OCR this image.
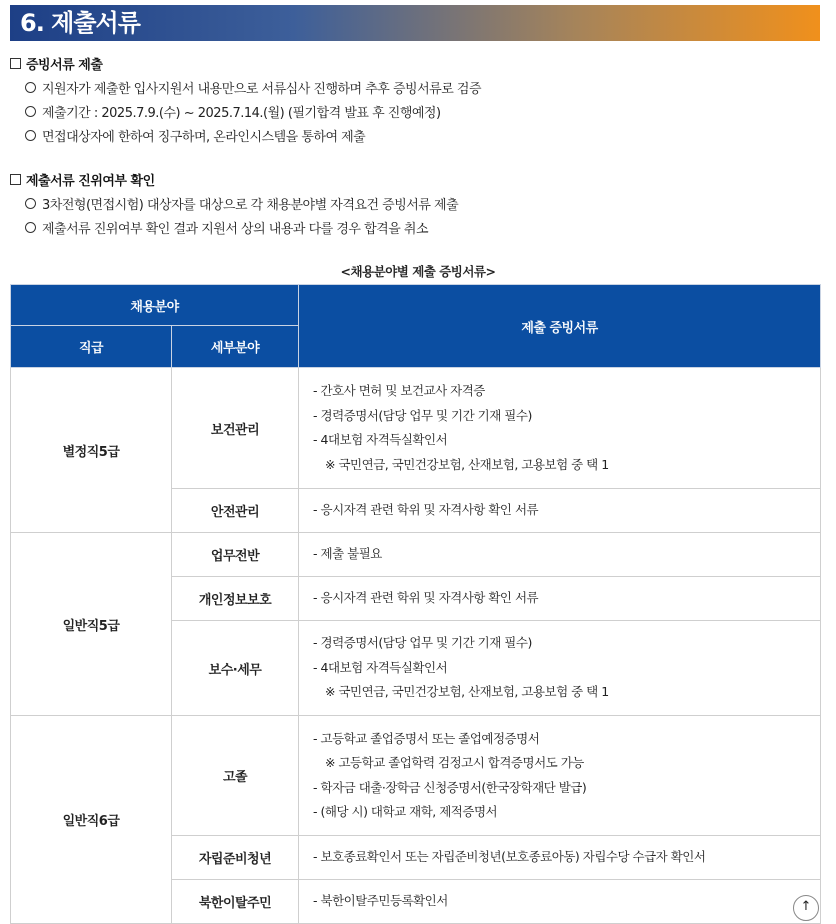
6. 제출서류
증빙서류 제출
지원자가 제출한 입사지원서 내용만으로 서류심사 진행하며 추후 증빙서류로 검증
제출기간 : 2025.7.9.(수) ~ 2025.7.14.(월) (필기합격 발표 후 진행예정)
면접대상자에 한하여 징구하며, 온라인시스템을 통하여 제출
제출서류 진위여부 확인
3차전형(면접시험) 대상자를 대상으로 각 채용분야별 자격요건 증빙서류 제출
제출서류 진위여부 확인 결과 지원서 상의 내용과 다를 경우 합격을 취소
<채용분야별 제출 증빙서류>
채용분야		제출 증빙서류
직급	세부분야	
별정직5급	보건관리	- 간호사 면허 및 보건교사 자격증
- 경력증명서(담당 업무 및 기간 기재 필수)
- 4대보험 자격득실확인서
※ 국민연금, 국민건강보험, 산재보험, 고용보험 중 택 1

	안전관리	- 응시자격 관련 학위 및 자격사항 확인 서류

일반직5급	업무전반	- 제출 불필요

	개인정보보호	- 응시자격 관련 학위 및 자격사항 확인 서류

	보수·세무	- 경력증명서(담당 업무 및 기간 기재 필수)
- 4대보험 자격득실확인서
※ 국민연금, 국민건강보험, 산재보험, 고용보험 중 택 1

일반직6급	고졸	- 고등학교 졸업증명서 또는 졸업예정증명서
※ 고등학교 졸업학력 검정고시 합격증명서도 가능
- 학자금 대출·장학금 신청증명서(한국장학재단 발급)
- (해당 시) 대학교 재학, 제적증명서

	자립준비청년	- 보호종료확인서 또는 자립준비청년(보호종료아동) 자립수당 수급자 확인서

	북한이탈주민	- 북한이탈주민등록확인서	↑
